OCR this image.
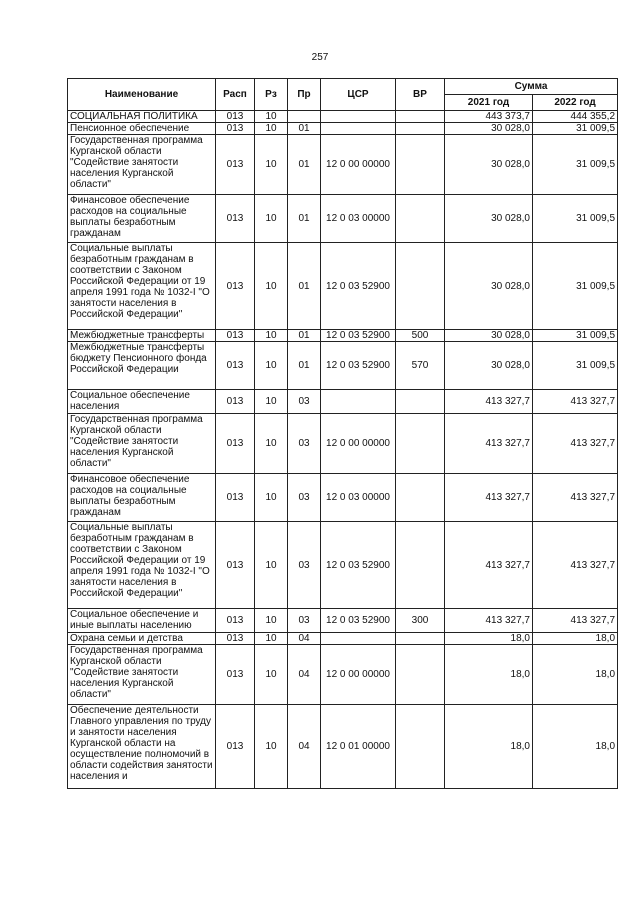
257
Наименование	Расп	Рз	Пр	ЦСР	ВР	Сумма	
						2021 год	2022 год
СОЦИАЛЬНАЯ ПОЛИТИКА	013	10				443 373,7	444 355,2
Пенсионное обеспечение	013	10	01			30 028,0	31 009,5
Государственная программа Курганской области "Содействие занятости населения Курганской области"	013	10	01	12 0 00 00000		30 028,0	31 009,5
Финансовое обеспечение расходов на социальные выплаты безработным гражданам	013	10	01	12 0 03 00000		30 028,0	31 009,5
Социальные выплаты безработным гражданам в соответствии с Законом Российской Федерации от 19 апреля 1991 года № 1032-I "О занятости населения в Российской Федерации"	013	10	01	12 0 03 52900		30 028,0	31 009,5
Межбюджетные трансферты	013	10	01	12 0 03 52900	500	30 028,0	31 009,5
Межбюджетные трансферты бюджету Пенсионного фонда Российской Федерации	013	10	01	12 0 03 52900	570	30 028,0	31 009,5
Социальное обеспечение населения	013	10	03			413 327,7	413 327,7
Государственная программа Курганской области "Содействие занятости населения Курганской области"	013	10	03	12 0 00 00000		413 327,7	413 327,7
Финансовое обеспечение расходов на социальные выплаты безработным гражданам	013	10	03	12 0 03 00000		413 327,7	413 327,7
Социальные выплаты безработным гражданам в соответствии с Законом Российской Федерации от 19 апреля 1991 года № 1032-I "О занятости населения в Российской Федерации"	013	10	03	12 0 03 52900		413 327,7	413 327,7
Социальное обеспечение и иные выплаты населению	013	10	03	12 0 03 52900	300	413 327,7	413 327,7
Охрана семьи и детства	013	10	04			18,0	18,0
Государственная программа Курганской области "Содействие занятости населения Курганской области"	013	10	04	12 0 00 00000		18,0	18,0
Обеспечение деятельности Главного управления по труду и занятости населения Курганской области на осуществление полномочий в области содействия занятости населения и	013	10	04	12 0 01 00000		18,0	18,0
